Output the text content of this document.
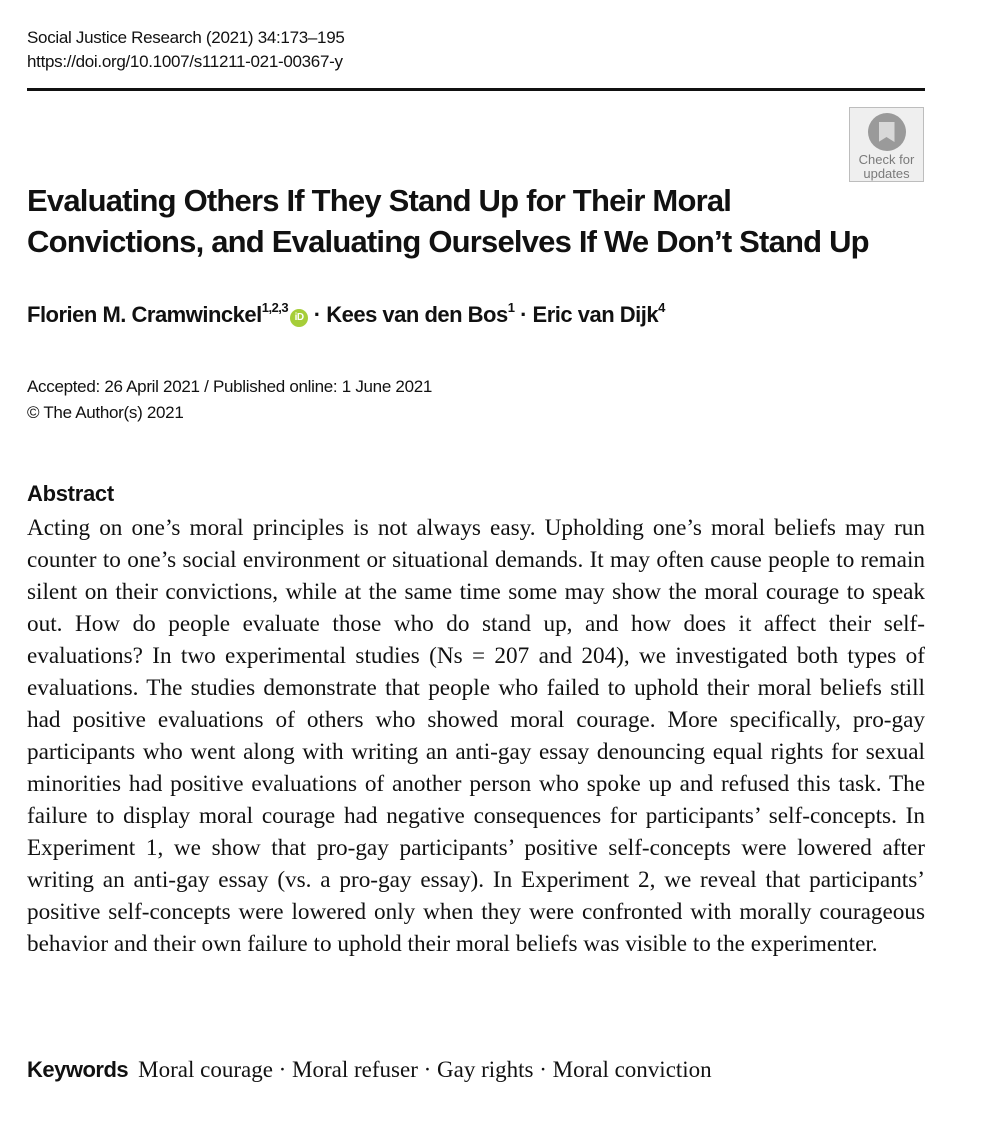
Social Justice Research (2021) 34:173–195
https://doi.org/10.1007/s11211-021-00367-y
Check for
updates
Evaluating Others If They Stand Up for Their Moral Convictions, and Evaluating Ourselves If We Don’t Stand Up
Florien M. Cramwinckel$^{1,2,3}$iD · Kees van den Bos$^1$ · Eric van Dijk$^4$
Accepted: 26 April 2021 / Published online: 1 June 2021
© The Author(s) 2021
Abstract

Acting on one’s moral principles is not always easy. Upholding one’s moral beliefs may run counter to one’s social environment or situational demands. It may often cause people to remain silent on their convictions, while at the same time some may show the moral courage to speak out. How do people evaluate those who do stand up, and how does it affect their self-evaluations? In two experimental studies (Ns = 207 and 204), we investigated both types of evaluations. The studies demonstrate that people who failed to uphold their moral beliefs still had positive evaluations of others who showed moral courage. More specifically, pro-gay participants who went along with writing an anti-gay essay denouncing equal rights for sexual minorities had positive evaluations of another person who spoke up and refused this task. The failure to display moral courage had negative consequences for participants’ self-concepts. In Experiment 1, we show that pro-gay participants’ positive self-concepts were lowered after writing an anti-gay essay (vs. a pro-gay essay). In Experiment 2, we reveal that participants’ positive self-concepts were lowered only when they were confronted with morally courageous behavior and their own failure to uphold their moral beliefs was visible to the experimenter.

Keywords Moral courage · Moral refuser · Gay rights · Moral conviction
